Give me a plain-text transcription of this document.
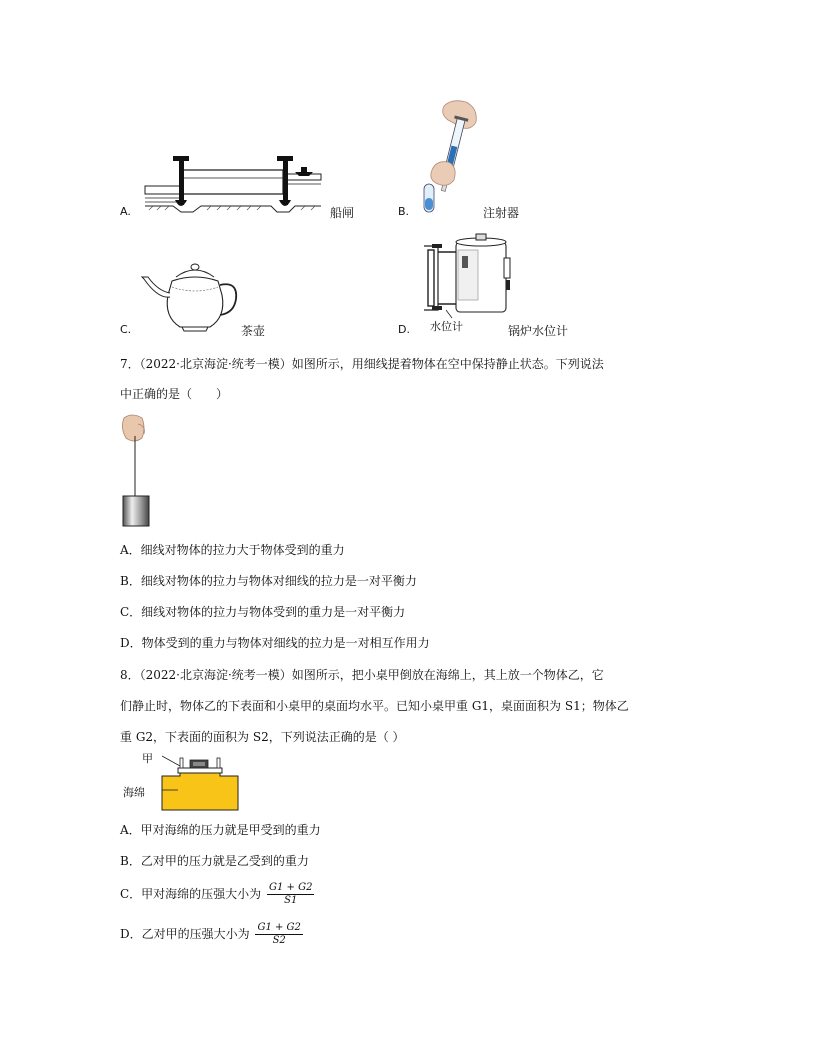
A.	船闸	B.	注射器
C.	茶壶	D. 水位计	锅炉水位计
7．（2022·北京海淀·统考一模）如图所示，用细线提着物体在空中保持静止状态。下列说法
中正确的是（　　）
A．细线对物体的拉力大于物体受到的重力
B．细线对物体的拉力与物体对细线的拉力是一对平衡力
C．细线对物体的拉力与物体受到的重力是一对平衡力
D．物体受到的重力与物体对细线的拉力是一对相互作用力
8．（2022·北京海淀·统考一模）如图所示，把小桌甲倒放在海绵上，其上放一个物体乙，它
们静止时，物体乙的下表面和小桌甲的桌面均水平。已知小桌甲重 G1，桌面面积为 S1；物体乙
重 G2，下表面的面积为 S2，下列说法正确的是（ ）
甲
海绵
A．甲对海绵的压力就是甲受到的重力
B．乙对甲的压力就是乙受到的重力
C．甲对海绵的压强大小为 $\frac{G1 + G2}{S1}$
D．乙对甲的压强大小为 $\frac{G1 + G2}{S2}$
